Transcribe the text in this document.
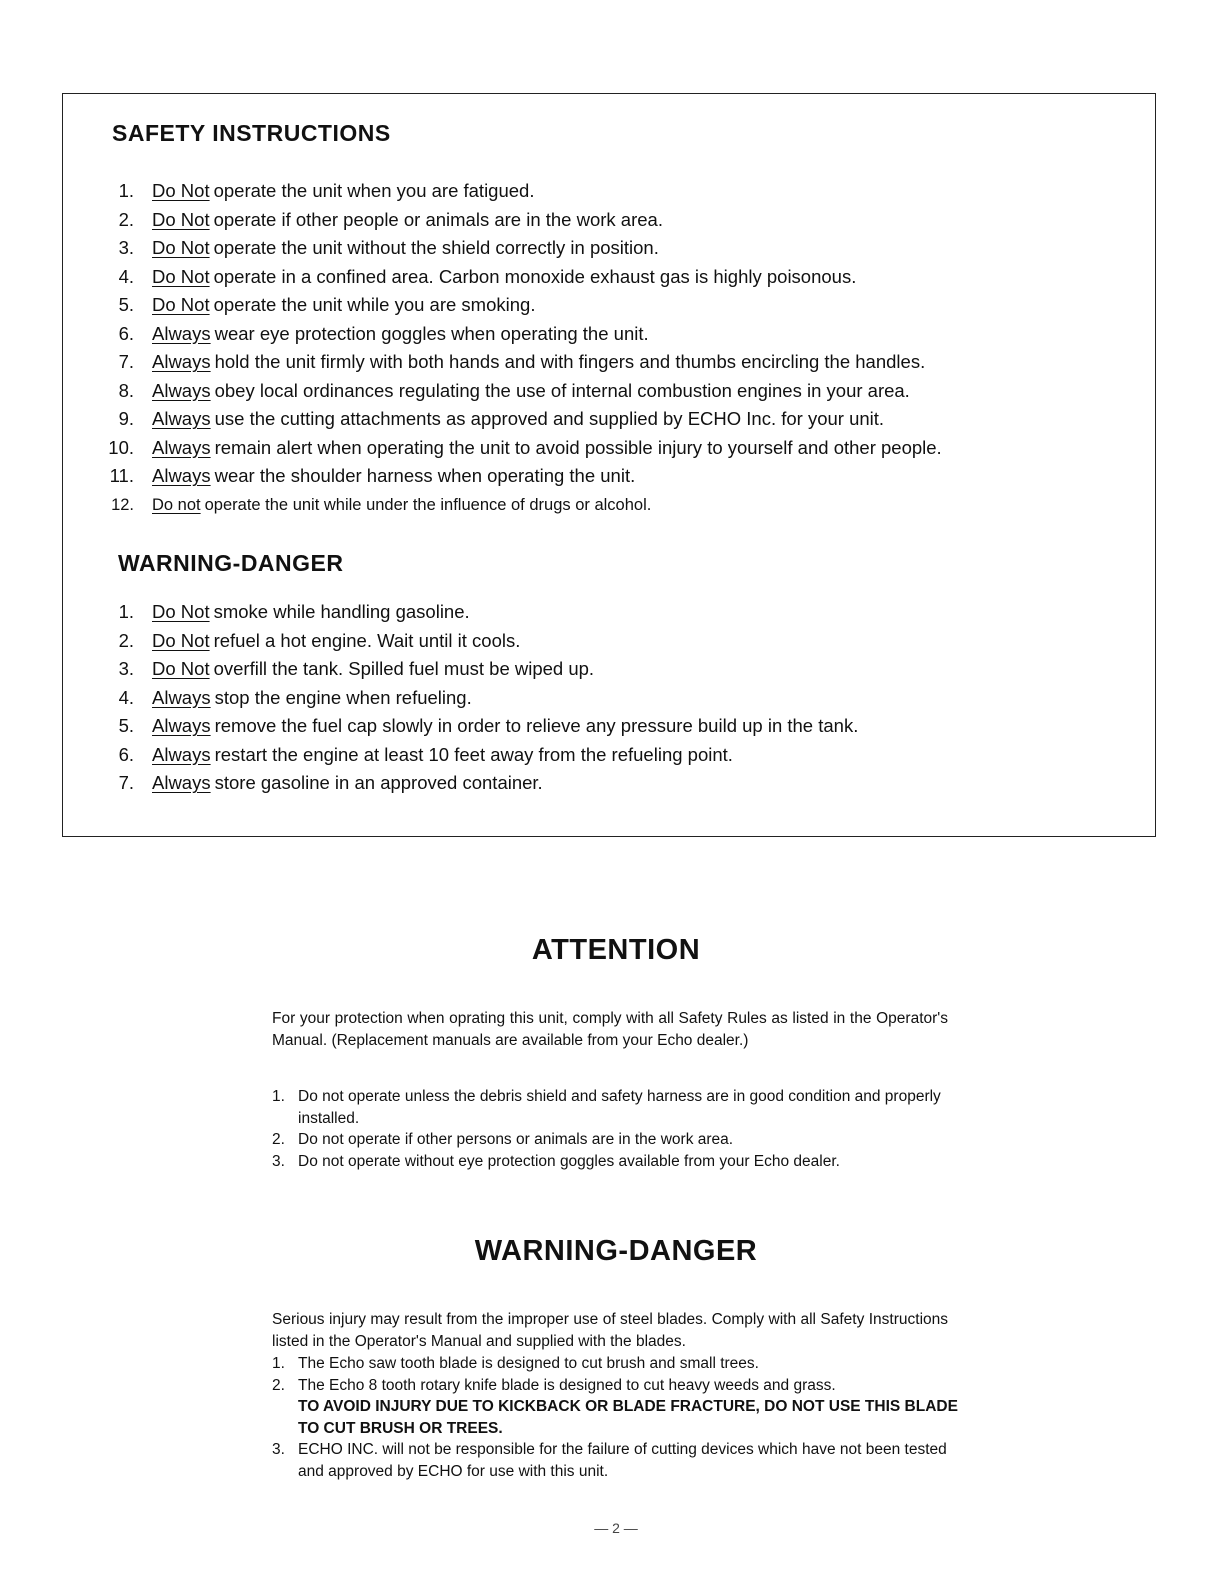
SAFETY INSTRUCTIONS
1. Do Not operate the unit when you are fatigued.
2. Do Not operate if other people or animals are in the work area.
3. Do Not operate the unit without the shield correctly in position.
4. Do Not operate in a confined area. Carbon monoxide exhaust gas is highly poisonous.
5. Do Not operate the unit while you are smoking.
6. Always wear eye protection goggles when operating the unit.
7. Always hold the unit firmly with both hands and with fingers and thumbs encircling the handles.
8. Always obey local ordinances regulating the use of internal combustion engines in your area.
9. Always use the cutting attachments as approved and supplied by ECHO Inc. for your unit.
10. Always remain alert when operating the unit to avoid possible injury to yourself and other people.
11. Always wear the shoulder harness when operating the unit.
12.	Do not operate the unit while under the influence of drugs or alcohol.
WARNING-DANGER
1. Do Not smoke while handling gasoline.
2. Do Not refuel a hot engine. Wait until it cools.
3. Do Not overfill the tank. Spilled fuel must be wiped up.
4. Always stop the engine when refueling.
5. Always remove the fuel cap slowly in order to relieve any pressure build up in the tank.
6. Always restart the engine at least 10 feet away from the refueling point.
7. Always store gasoline in an approved container.
ATTENTION

For your protection when oprating this unit, comply with all Safety Rules as listed in the Operator's Manual. (Replacement manuals are available from your Echo dealer.)

1. Do not operate unless the debris shield and safety harness are in good condition and properly installed.
2. Do not operate if other persons or animals are in the work area.
3. Do not operate without eye protection goggles available from your Echo dealer.
WARNING-DANGER

Serious injury may result from the improper use of steel blades. Comply with all Safety Instructions listed in the Operator's Manual and supplied with the blades.

1. The Echo saw tooth blade is designed to cut brush and small trees.
2. The Echo 8 tooth rotary knife blade is designed to cut heavy weeds and grass.
TO AVOID INJURY DUE TO KICKBACK OR BLADE FRACTURE, DO NOT USE THIS BLADE TO CUT BRUSH OR TREES.
3. ECHO INC. will not be responsible for the failure of cutting devices which have not been tested and approved by ECHO for use with this unit.
— 2 —
